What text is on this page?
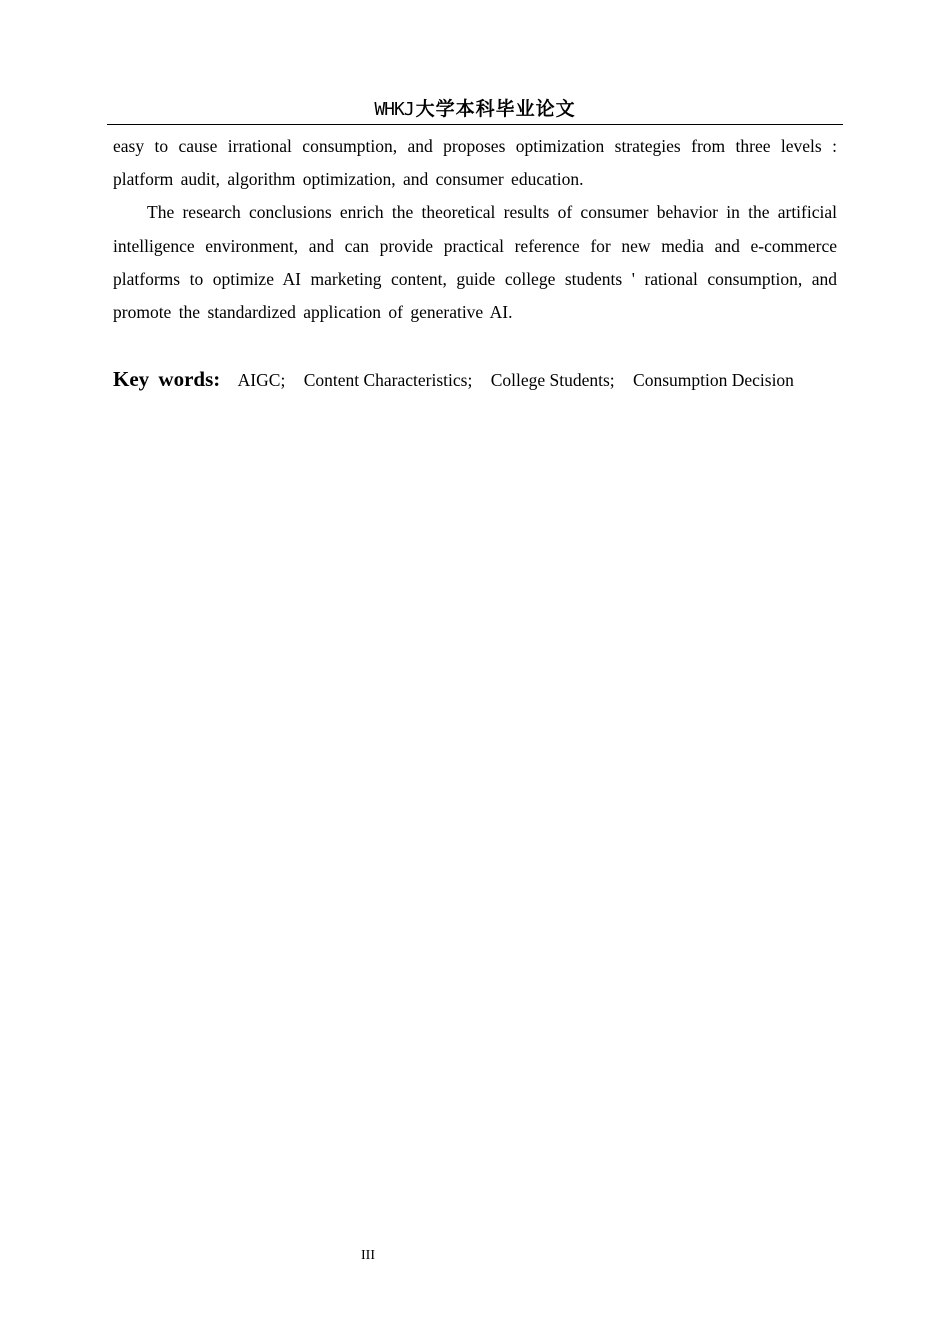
WHKJ 大学本科毕业论文

easy to cause irrational consumption, and proposes optimization strategies from three levels : platform audit, algorithm optimization, and consumer education.

The research conclusions enrich the theoretical results of consumer behavior in the artificial intelligence environment, and can provide practical reference for new media and e-commerce platforms to optimize AI marketing content, guide college students ' rational consumption, and promote the standardized application of generative AI.

Key words: AIGC; Content Characteristics; College Students; Consumption Decision
III
